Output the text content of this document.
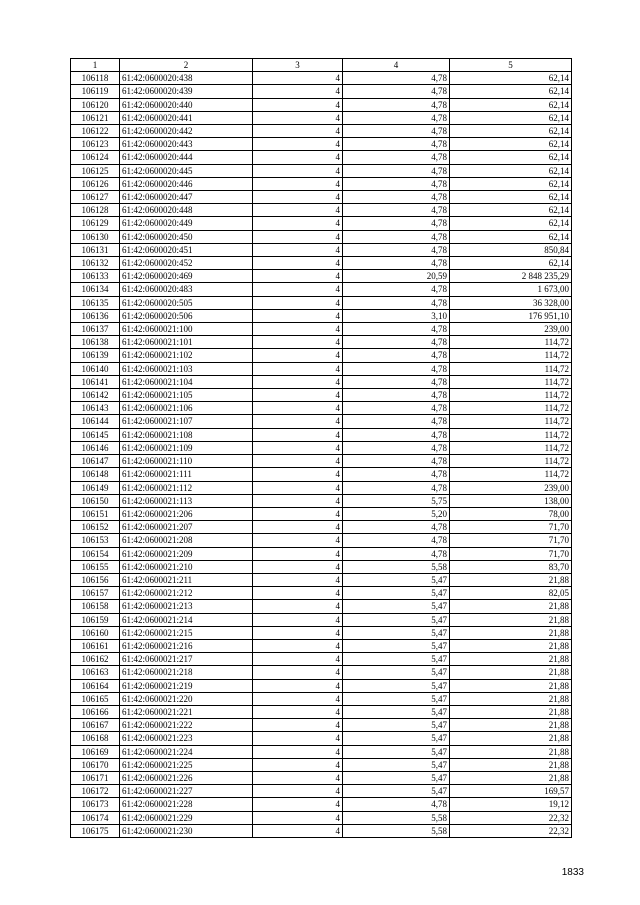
1	2	3	4	5
106118	61:42:0600020:438	4	4,78	62,14
106119	61:42:0600020:439	4	4,78	62,14
106120	61:42:0600020:440	4	4,78	62,14
106121	61:42:0600020:441	4	4,78	62,14
106122	61:42:0600020:442	4	4,78	62,14
106123	61:42:0600020:443	4	4,78	62,14
106124	61:42:0600020:444	4	4,78	62,14
106125	61:42:0600020:445	4	4,78	62,14
106126	61:42:0600020:446	4	4,78	62,14
106127	61:42:0600020:447	4	4,78	62,14
106128	61:42:0600020:448	4	4,78	62,14
106129	61:42:0600020:449	4	4,78	62,14
106130	61:42:0600020:450	4	4,78	62,14
106131	61:42:0600020:451	4	4,78	850,84
106132	61:42:0600020:452	4	4,78	62,14
106133	61:42:0600020:469	4	20,59	2 848 235,29
106134	61:42:0600020:483	4	4,78	1 673,00
106135	61:42:0600020:505	4	4,78	36 328,00
106136	61:42:0600020:506	4	3,10	176 951,10
106137	61:42:0600021:100	4	4,78	239,00
106138	61:42:0600021:101	4	4,78	114,72
106139	61:42:0600021:102	4	4,78	114,72
106140	61:42:0600021:103	4	4,78	114,72
106141	61:42:0600021:104	4	4,78	114,72
106142	61:42:0600021:105	4	4,78	114,72
106143	61:42:0600021:106	4	4,78	114,72
106144	61:42:0600021:107	4	4,78	114,72
106145	61:42:0600021:108	4	4,78	114,72
106146	61:42:0600021:109	4	4,78	114,72
106147	61:42:0600021:110	4	4,78	114,72
106148	61:42:0600021:111	4	4,78	114,72
106149	61:42:0600021:112	4	4,78	239,00
106150	61:42:0600021:113	4	5,75	138,00
106151	61:42:0600021:206	4	5,20	78,00
106152	61:42:0600021:207	4	4,78	71,70
106153	61:42:0600021:208	4	4,78	71,70
106154	61:42:0600021:209	4	4,78	71,70
106155	61:42:0600021:210	4	5,58	83,70
106156	61:42:0600021:211	4	5,47	21,88
106157	61:42:0600021:212	4	5,47	82,05
106158	61:42:0600021:213	4	5,47	21,88
106159	61:42:0600021:214	4	5,47	21,88
106160	61:42:0600021:215	4	5,47	21,88
106161	61:42:0600021:216	4	5,47	21,88
106162	61:42:0600021:217	4	5,47	21,88
106163	61:42:0600021:218	4	5,47	21,88
106164	61:42:0600021:219	4	5,47	21,88
106165	61:42:0600021:220	4	5,47	21,88
106166	61:42:0600021:221	4	5,47	21,88
106167	61:42:0600021:222	4	5,47	21,88
106168	61:42:0600021:223	4	5,47	21,88
106169	61:42:0600021:224	4	5,47	21,88
106170	61:42:0600021:225	4	5,47	21,88
106171	61:42:0600021:226	4	5,47	21,88
106172	61:42:0600021:227	4	5,47	169,57
106173	61:42:0600021:228	4	4,78	19,12
106174	61:42:0600021:229	4	5,58	22,32
106175	61:42:0600021:230	4	5,58	22,32
1833
